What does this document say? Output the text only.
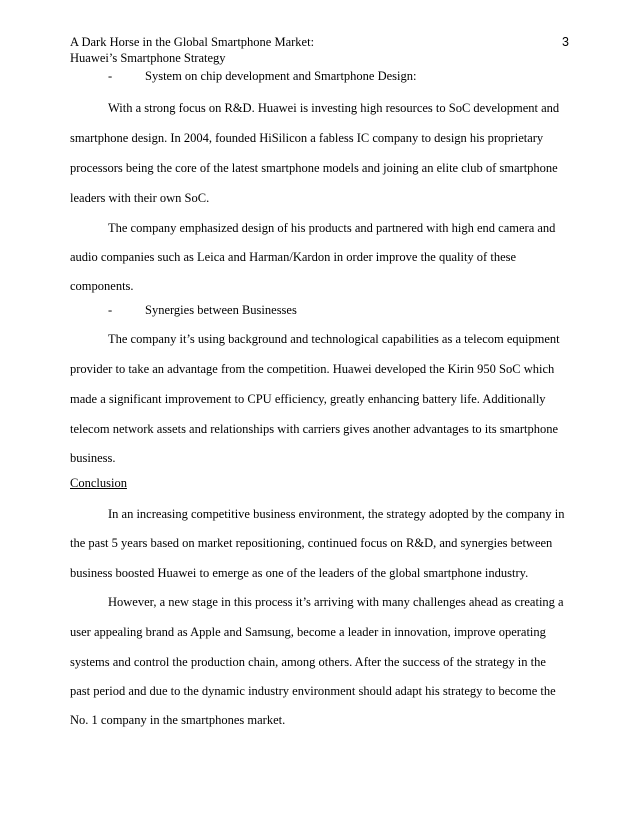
A Dark Horse in the Global Smartphone Market:
Huawei’s Smartphone Strategy
3
-	System on chip development and Smartphone Design:
With a strong focus on R&D. Huawei is investing high resources to SoC development and
smartphone design. In 2004, founded HiSilicon a fabless IC company to design his proprietary
processors being the core of the latest smartphone models and joining an elite club of smartphone
leaders with their own SoC.
The company emphasized design of his products and partnered with high end camera and
audio companies such as Leica and Harman/Kardon in order improve the quality of these
components.
-	Synergies between Businesses
The company it’s using background and technological capabilities as a telecom equipment
provider to take an advantage from the competition. Huawei developed the Kirin 950 SoC which
made a significant improvement to CPU efficiency, greatly enhancing battery life. Additionally
telecom network assets and relationships with carriers gives another advantages to its smartphone
business.
Conclusion
In an increasing competitive business environment, the strategy adopted by the company in
the past 5 years based on market repositioning, continued focus on R&D, and synergies between
business boosted Huawei to emerge as one of the leaders of the global smartphone industry.
However, a new stage in this process it’s arriving with many challenges ahead as creating a
user appealing brand as Apple and Samsung, become a leader in innovation, improve operating
systems and control the production chain, among others. After the success of the strategy in the
past period and due to the dynamic industry environment should adapt his strategy to become the
No. 1 company in the smartphones market.
